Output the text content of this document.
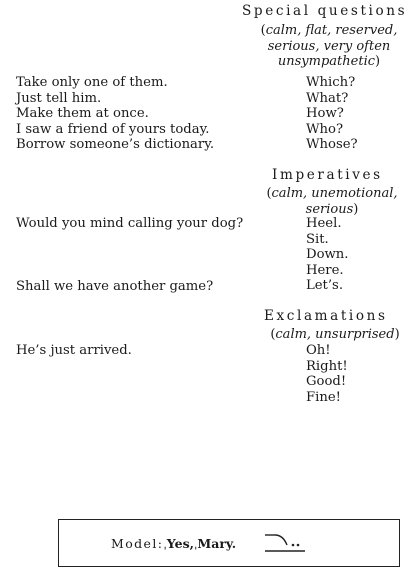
Special questions
(calm, flat, reserved,
serious, very often
unsympathetic)
Take only one of them.
Just tell him.
Make them at once.
I saw a friend of yours today.
Borrow someone’s dictionary.
Which?
What?
How?
Who?
Whose?
Imperatives
(calm, unemotional,
serious)
Would you mind calling your dog?
Shall we have another game?
Heel.
Sit.
Down.
Here.
Let’s.
Exclamations
(calm, unsurprised)
He’s just arrived.	Oh!
Right!
Good!
Fine!
Model:ˌYes,ˌMary.
